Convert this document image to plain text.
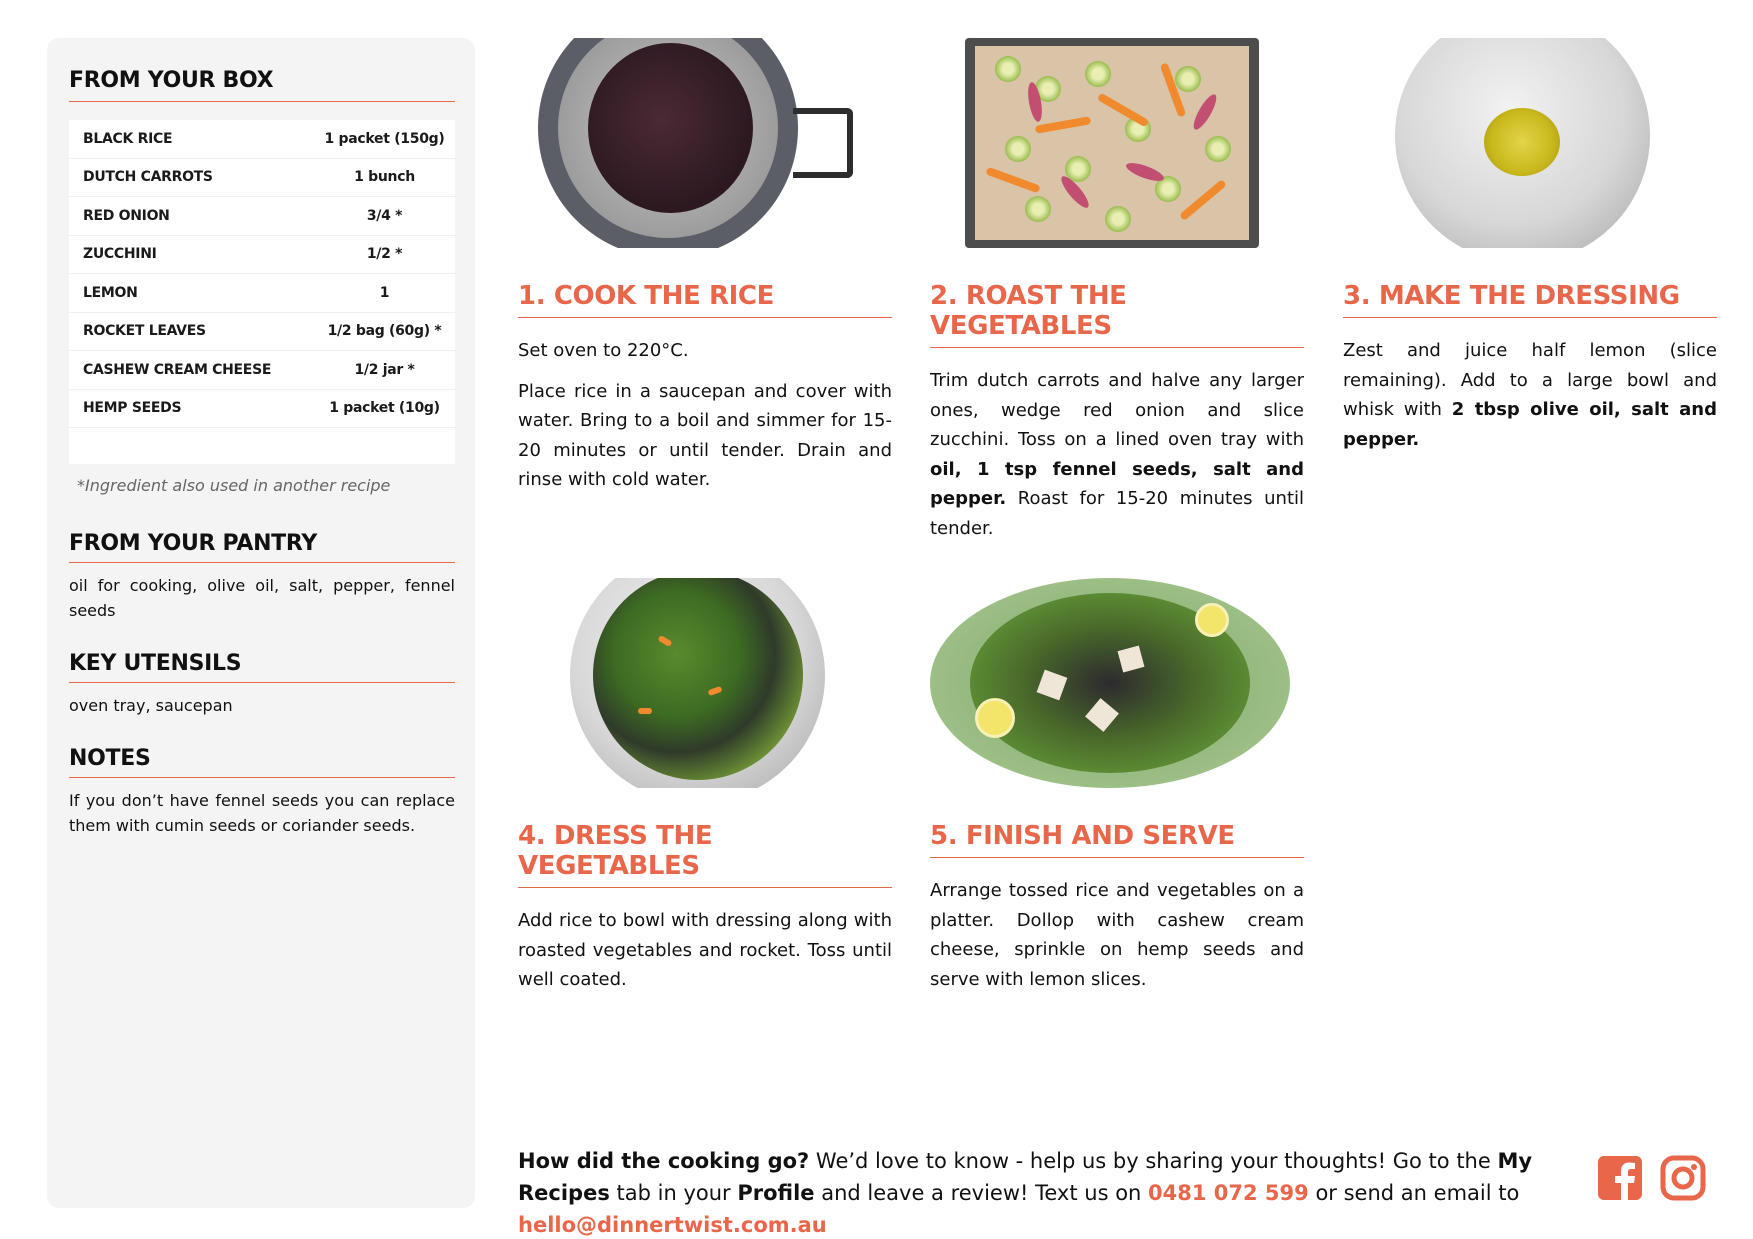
FROM YOUR BOX
BLACK RICE	1 packet (150g)
DUTCH CARROTS	1 bunch
RED ONION	3/4 *
ZUCCHINI	1/2 *
LEMON	1
ROCKET LEAVES	1/2 bag (60g) *
CASHEW CREAM CHEESE	1/2 jar *
HEMP SEEDS	1 packet (10g)
*Ingredient also used in another recipe
FROM YOUR PANTRY
oil for cooking, olive oil, salt, pepper, fennel seeds
KEY UTENSILS
oven tray, saucepan
NOTES
If you don’t have fennel seeds you can replace them with cumin seeds or coriander seeds.
1. COOK THE RICE

Set oven to 220°C.

Place rice in a saucepan and cover with water. Bring to a boil and simmer for 15-20 minutes or until tender. Drain and rinse with cold water.

2. ROAST THE VEGETABLES

Trim dutch carrots and halve any larger ones, wedge red onion and slice zucchini. Toss on a lined oven tray with oil, 1 tsp fennel seeds, salt and pepper. Roast for 15-20 minutes until tender.

3. MAKE THE DRESSING

Zest and juice half lemon (slice remaining). Add to a large bowl and whisk with 2 tbsp olive oil, salt and pepper.

4. DRESS THE VEGETABLES

Add rice to bowl with dressing along with roasted vegetables and rocket. Toss until well coated.

5. FINISH AND SERVE

Arrange tossed rice and vegetables on a platter. Dollop with cashew cream cheese, sprinkle on hemp seeds and serve with lemon slices.

How did the cooking go? We’d love to know - help us by sharing your thoughts! Go to the My Recipes tab in your Profile and leave a review! Text us on 0481 072 599 or send an email to hello@dinnertwist.com.au
